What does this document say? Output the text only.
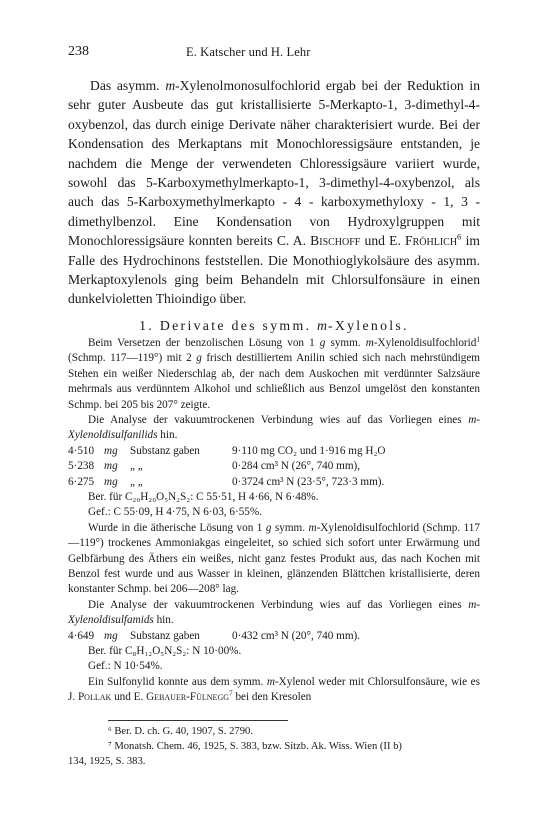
238	E. Katscher und H. Lehr

Das asymm. m-Xylenolmonosulfochlorid ergab bei der Reduktion in sehr guter Ausbeute das gut kristallisierte 5-Merkapto-1, 3-dimethyl-4-oxybenzol, das durch einige Derivate näher charakterisiert wurde. Bei der Kondensation des Merkaptans mit Monochloressigsäure entstanden, je nachdem die Menge der verwendeten Chloressigsäure variiert wurde, sowohl das 5-Karboxymethylmerkapto-1, 3-dimethyl-4-oxybenzol, als auch das 5-Karboxymethylmerkapto - 4 - karboxymethyloxy - 1, 3 - dimethylbenzol. Eine Kondensation von Hydroxylgruppen mit Monochloressigsäure konnten bereits C. A. Bischoff und E. Fröhlich$^6$ im Falle des Hydrochinons feststellen. Die Monothioglykolsäure des asymm. Merkaptoxylenols ging beim Behandeln mit Chlorsulfonsäure in einen dunkelvioletten Thioindigo über.

1. Derivate des symm. m-Xylenols.

Beim Versetzen der benzolischen Lösung von 1 g symm. m-Xylenoldisulfochlorid$^1$ (Schmp. 117—119°) mit 2 g frisch destilliertem Anilin schied sich nach mehrstündigem Stehen ein weißer Niederschlag ab, der nach dem Auskochen mit verdünnter Salzsäure mehrmals aus verdünntem Alkohol und schließlich aus Benzol umgelöst den konstanten Schmp. bei 205 bis 207° zeigte.

Die Analyse der vakuumtrockenen Verbindung wies auf das Vorliegen eines m-Xylenoldisulfanilids hin.

4·510 mg	Substanz gaben	9·110 mg CO₂ und 1·916 mg H₂O
5·238 mg	„ „	0·284 cm³ N (26°, 740 mm),
6·275 mg	„ „	0·3724 cm³ N (23·5°, 723·3 mm).
Ber. für C₂₀H₂₀O₅N₂S₂: C 55·51, H 4·66, N 6·48%.
Gef.: C 55·09, H 4·75, N 6·03, 6·55%.

Wurde in die ätherische Lösung von 1 g symm. m-Xylenoldisulfochlorid (Schmp. 117—119°) trockenes Ammoniakgas eingeleitet, so schied sich sofort unter Erwärmung und Gelbfärbung des Äthers ein weißes, nicht ganz festes Produkt aus, das nach Kochen mit Benzol fest wurde und aus Wasser in kleinen, glänzenden Blättchen kristallisierte, deren konstanter Schmp. bei 206—208° lag.

Die Analyse der vakuumtrockenen Verbindung wies auf das Vorliegen eines m-Xylenoldisulfamids hin.

4·649 mg	Substanz gaben	0·432 cm³ N (20°, 740 mm).
Ber. für C₈H₁₂O₅N₂S₂: N 10·00%.
Gef.: N 10·54%.

Ein Sulfonylid konnte aus dem symm. m-Xylenol weder mit Chlorsulfonsäure, wie es J. Pollak und E. Gebauer-Fülnegg$^7$ bei den Kresolen

⁶ Ber. D. ch. G. 40, 1907, S. 2790.

⁷ Monatsh. Chem. 46, 1925, S. 383, bzw. Sitzb. Ak. Wiss. Wien (II b)

134, 1925, S. 383.
